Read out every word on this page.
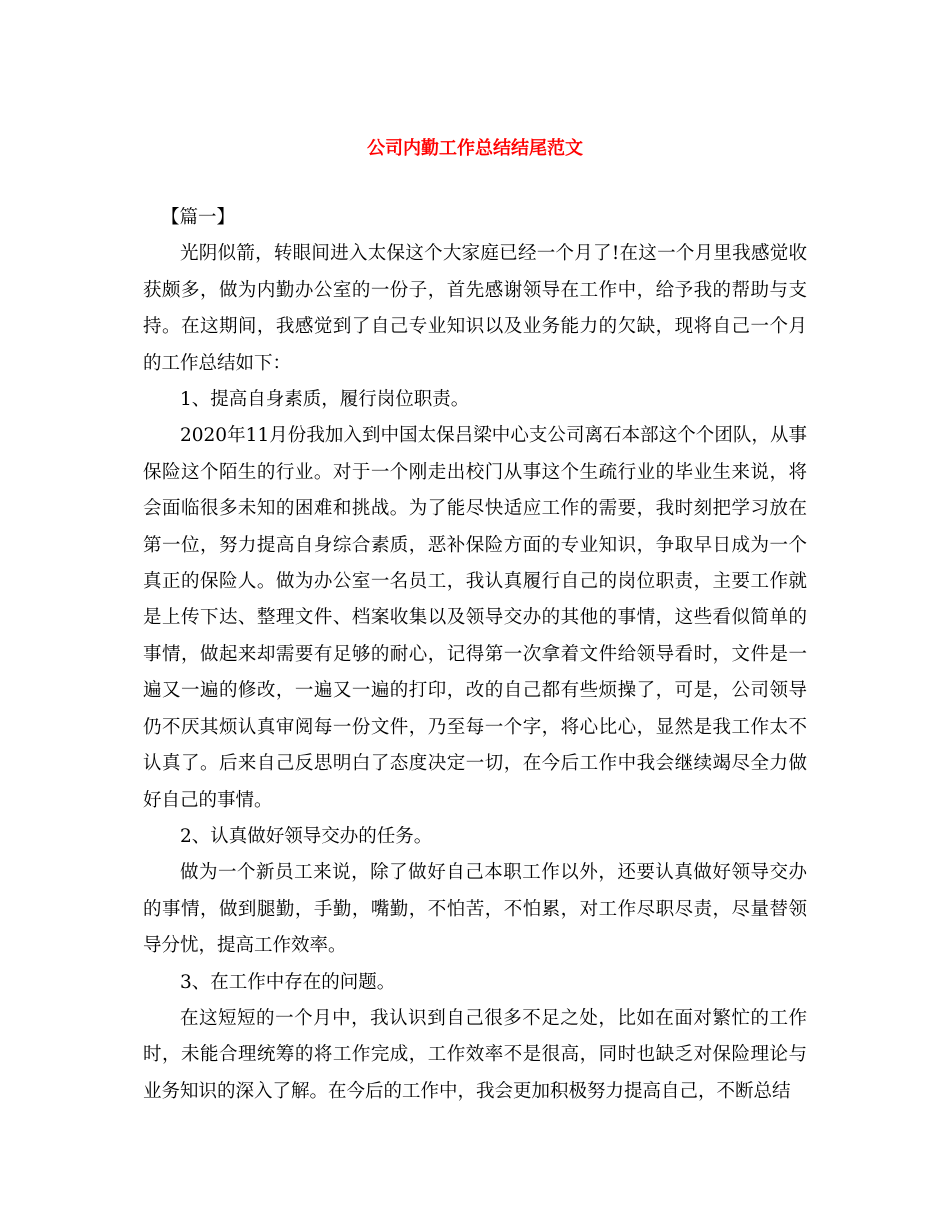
公司内勤工作总结结尾范文

【篇一】

光阴似箭，转眼间进入太保这个大家庭已经一个月了!在这一个月里我感觉收获颇多，做为内勤办公室的一份子，首先感谢领导在工作中，给予我的帮助与支持。在这期间，我感觉到了自己专业知识以及业务能力的欠缺，现将自己一个月的工作总结如下：

1、提高自身素质，履行岗位职责。

2020年11月份我加入到中国太保吕梁中心支公司离石本部这个个团队，从事保险这个陌生的行业。对于一个刚走出校门从事这个生疏行业的毕业生来说，将会面临很多未知的困难和挑战。为了能尽快适应工作的需要，我时刻把学习放在第一位，努力提高自身综合素质，恶补保险方面的专业知识，争取早日成为一个真正的保险人。做为办公室一名员工，我认真履行自己的岗位职责，主要工作就是上传下达、整理文件、档案收集以及领导交办的其他的事情，这些看似简单的事情，做起来却需要有足够的耐心，记得第一次拿着文件给领导看时，文件是一遍又一遍的修改，一遍又一遍的打印，改的自己都有些烦操了，可是，公司领导仍不厌其烦认真审阅每一份文件，乃至每一个字，将心比心，显然是我工作太不认真了。后来自己反思明白了态度决定一切，在今后工作中我会继续竭尽全力做好自己的事情。

2、认真做好领导交办的任务。

做为一个新员工来说，除了做好自己本职工作以外，还要认真做好领导交办的事情，做到腿勤，手勤，嘴勤，不怕苦，不怕累，对工作尽职尽责，尽量替领导分忧，提高工作效率。

3、在工作中存在的问题。

在这短短的一个月中，我认识到自己很多不足之处，比如在面对繁忙的工作时，未能合理统筹的将工作完成，工作效率不是很高，同时也缺乏对保险理论与业务知识的深入了解。在今后的工作中，我会更加积极努力提高自己，不断总结
